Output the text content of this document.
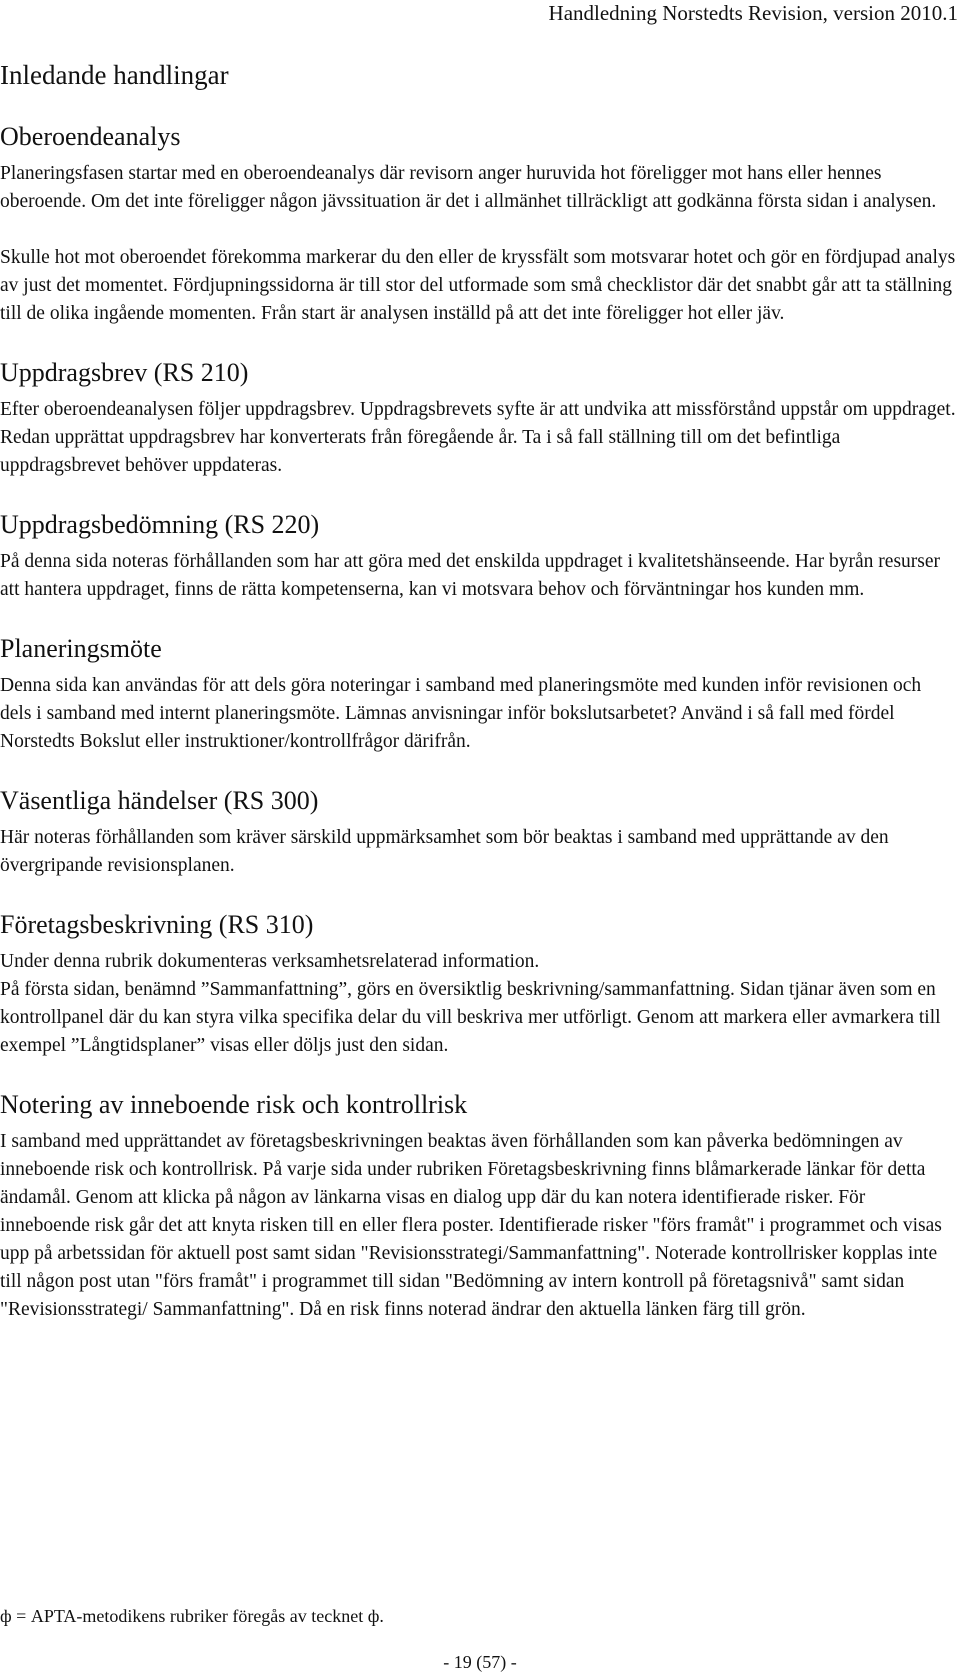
Handledning Norstedts Revision, version 2010.1
Inledande handlingar
Oberoendeanalys

Planeringsfasen startar med en oberoendeanalys där revisorn anger huruvida hot föreligger mot hans eller hennes oberoende. Om det inte föreligger någon jävssituation är det i allmänhet tillräckligt att godkänna första sidan i analysen.

Skulle hot mot oberoendet förekomma markerar du den eller de kryssfält som motsvarar hotet och gör en fördjupad analys av just det momentet. Fördjupningssidorna är till stor del utformade som små checklistor där det snabbt går att ta ställning till de olika ingående momenten. Från start är analysen inställd på att det inte föreligger hot eller jäv.

Uppdragsbrev (RS 210)

Efter oberoendeanalysen följer uppdragsbrev. Uppdragsbrevets syfte är att undvika att missförstånd uppstår om uppdraget. Redan upprättat uppdragsbrev har konverterats från föregående år. Ta i så fall ställning till om det befintliga uppdragsbrevet behöver uppdateras.

Uppdragsbedömning (RS 220)

På denna sida noteras förhållanden som har att göra med det enskilda uppdraget i kvalitetshänseende. Har byrån resurser att hantera uppdraget, finns de rätta kompetenserna, kan vi motsvara behov och förväntningar hos kunden mm.

Planeringsmöte

Denna sida kan användas för att dels göra noteringar i samband med planeringsmöte med kunden inför revisionen och dels i samband med internt planeringsmöte. Lämnas anvisningar inför bokslutsarbetet? Använd i så fall med fördel Norstedts Bokslut eller instruktioner/kontrollfrågor därifrån.

Väsentliga händelser (RS 300)

Här noteras förhållanden som kräver särskild uppmärksamhet som bör beaktas i samband med upprättande av den övergripande revisionsplanen.

Företagsbeskrivning (RS 310)

Under denna rubrik dokumenteras verksamhetsrelaterad information.

På första sidan, benämnd ”Sammanfattning”, görs en översiktlig beskrivning/sammanfattning. Sidan tjänar även som en kontrollpanel där du kan styra vilka specifika delar du vill beskriva mer utförligt. Genom att markera eller avmarkera till exempel ”Långtidsplaner” visas eller döljs just den sidan.

Notering av inneboende risk och kontrollrisk

I samband med upprättandet av företagsbeskrivningen beaktas även förhållanden som kan påverka bedömningen av inneboende risk och kontrollrisk. På varje sida under rubriken Företagsbeskrivning finns blåmarkerade länkar för detta ändamål. Genom att klicka på någon av länkarna visas en dialog upp där du kan notera identifierade risker. För inneboende risk går det att knyta risken till en eller flera poster. Identifierade risker "förs framåt" i programmet och visas upp på arbetssidan för aktuell post samt sidan "Revisionsstrategi/Sammanfattning". Noterade kontrollrisker kopplas inte till någon post utan "förs framåt" i programmet till sidan "Bedömning av intern kontroll på företagsnivå" samt sidan "Revisionsstrategi/ Sammanfattning". Då en risk finns noterad ändrar den aktuella länken färg till grön.

ф = APTA-metodikens rubriker föregås av tecknet ф.
- 19 (57) -
